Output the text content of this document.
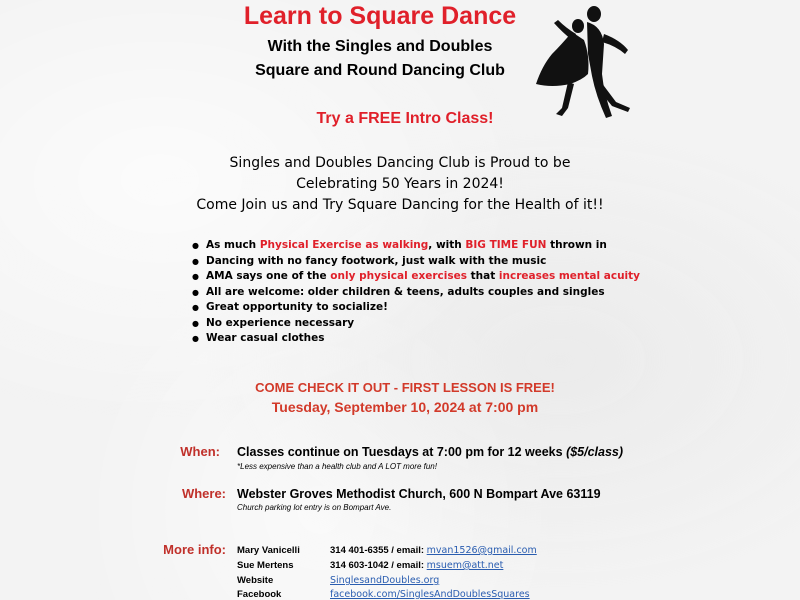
Learn to Square Dance
With the Singles and Doubles
Square and Round Dancing Club
Try a FREE Intro Class!
Singles and Doubles Dancing Club is Proud to be
Celebrating 50 Years in 2024!
Come Join us and Try Square Dancing for the Health of it!!
● As much Physical Exercise as walking, with BIG TIME FUN thrown in
● Dancing with no fancy footwork, just walk with the music
● AMA says one of the only physical exercises that increases mental acuity
● All are welcome: older children & teens, adults couples and singles
● Great opportunity to socialize!
● No experience necessary
● Wear casual clothes
COME CHECK IT OUT - FIRST LESSON IS FREE!
Tuesday, September 10, 2024 at 7:00 pm
When: Classes continue on Tuesdays at 7:00 pm for 12 weeks ($5/class)
*Less expensive than a health club and A LOT more fun!
Where: Webster Groves Methodist Church, 600 N Bompart Ave 63119
Church parking lot entry is on Bompart Ave.
More info: Mary Vanicelli	314 401-6355 / email: mvan1526@gmail.com
Sue Mertens	314 603-1042 / email: msuem@att.net
Website	SinglesandDoubles.org
Facebook	facebook.com/SinglesAndDoublesSquares
